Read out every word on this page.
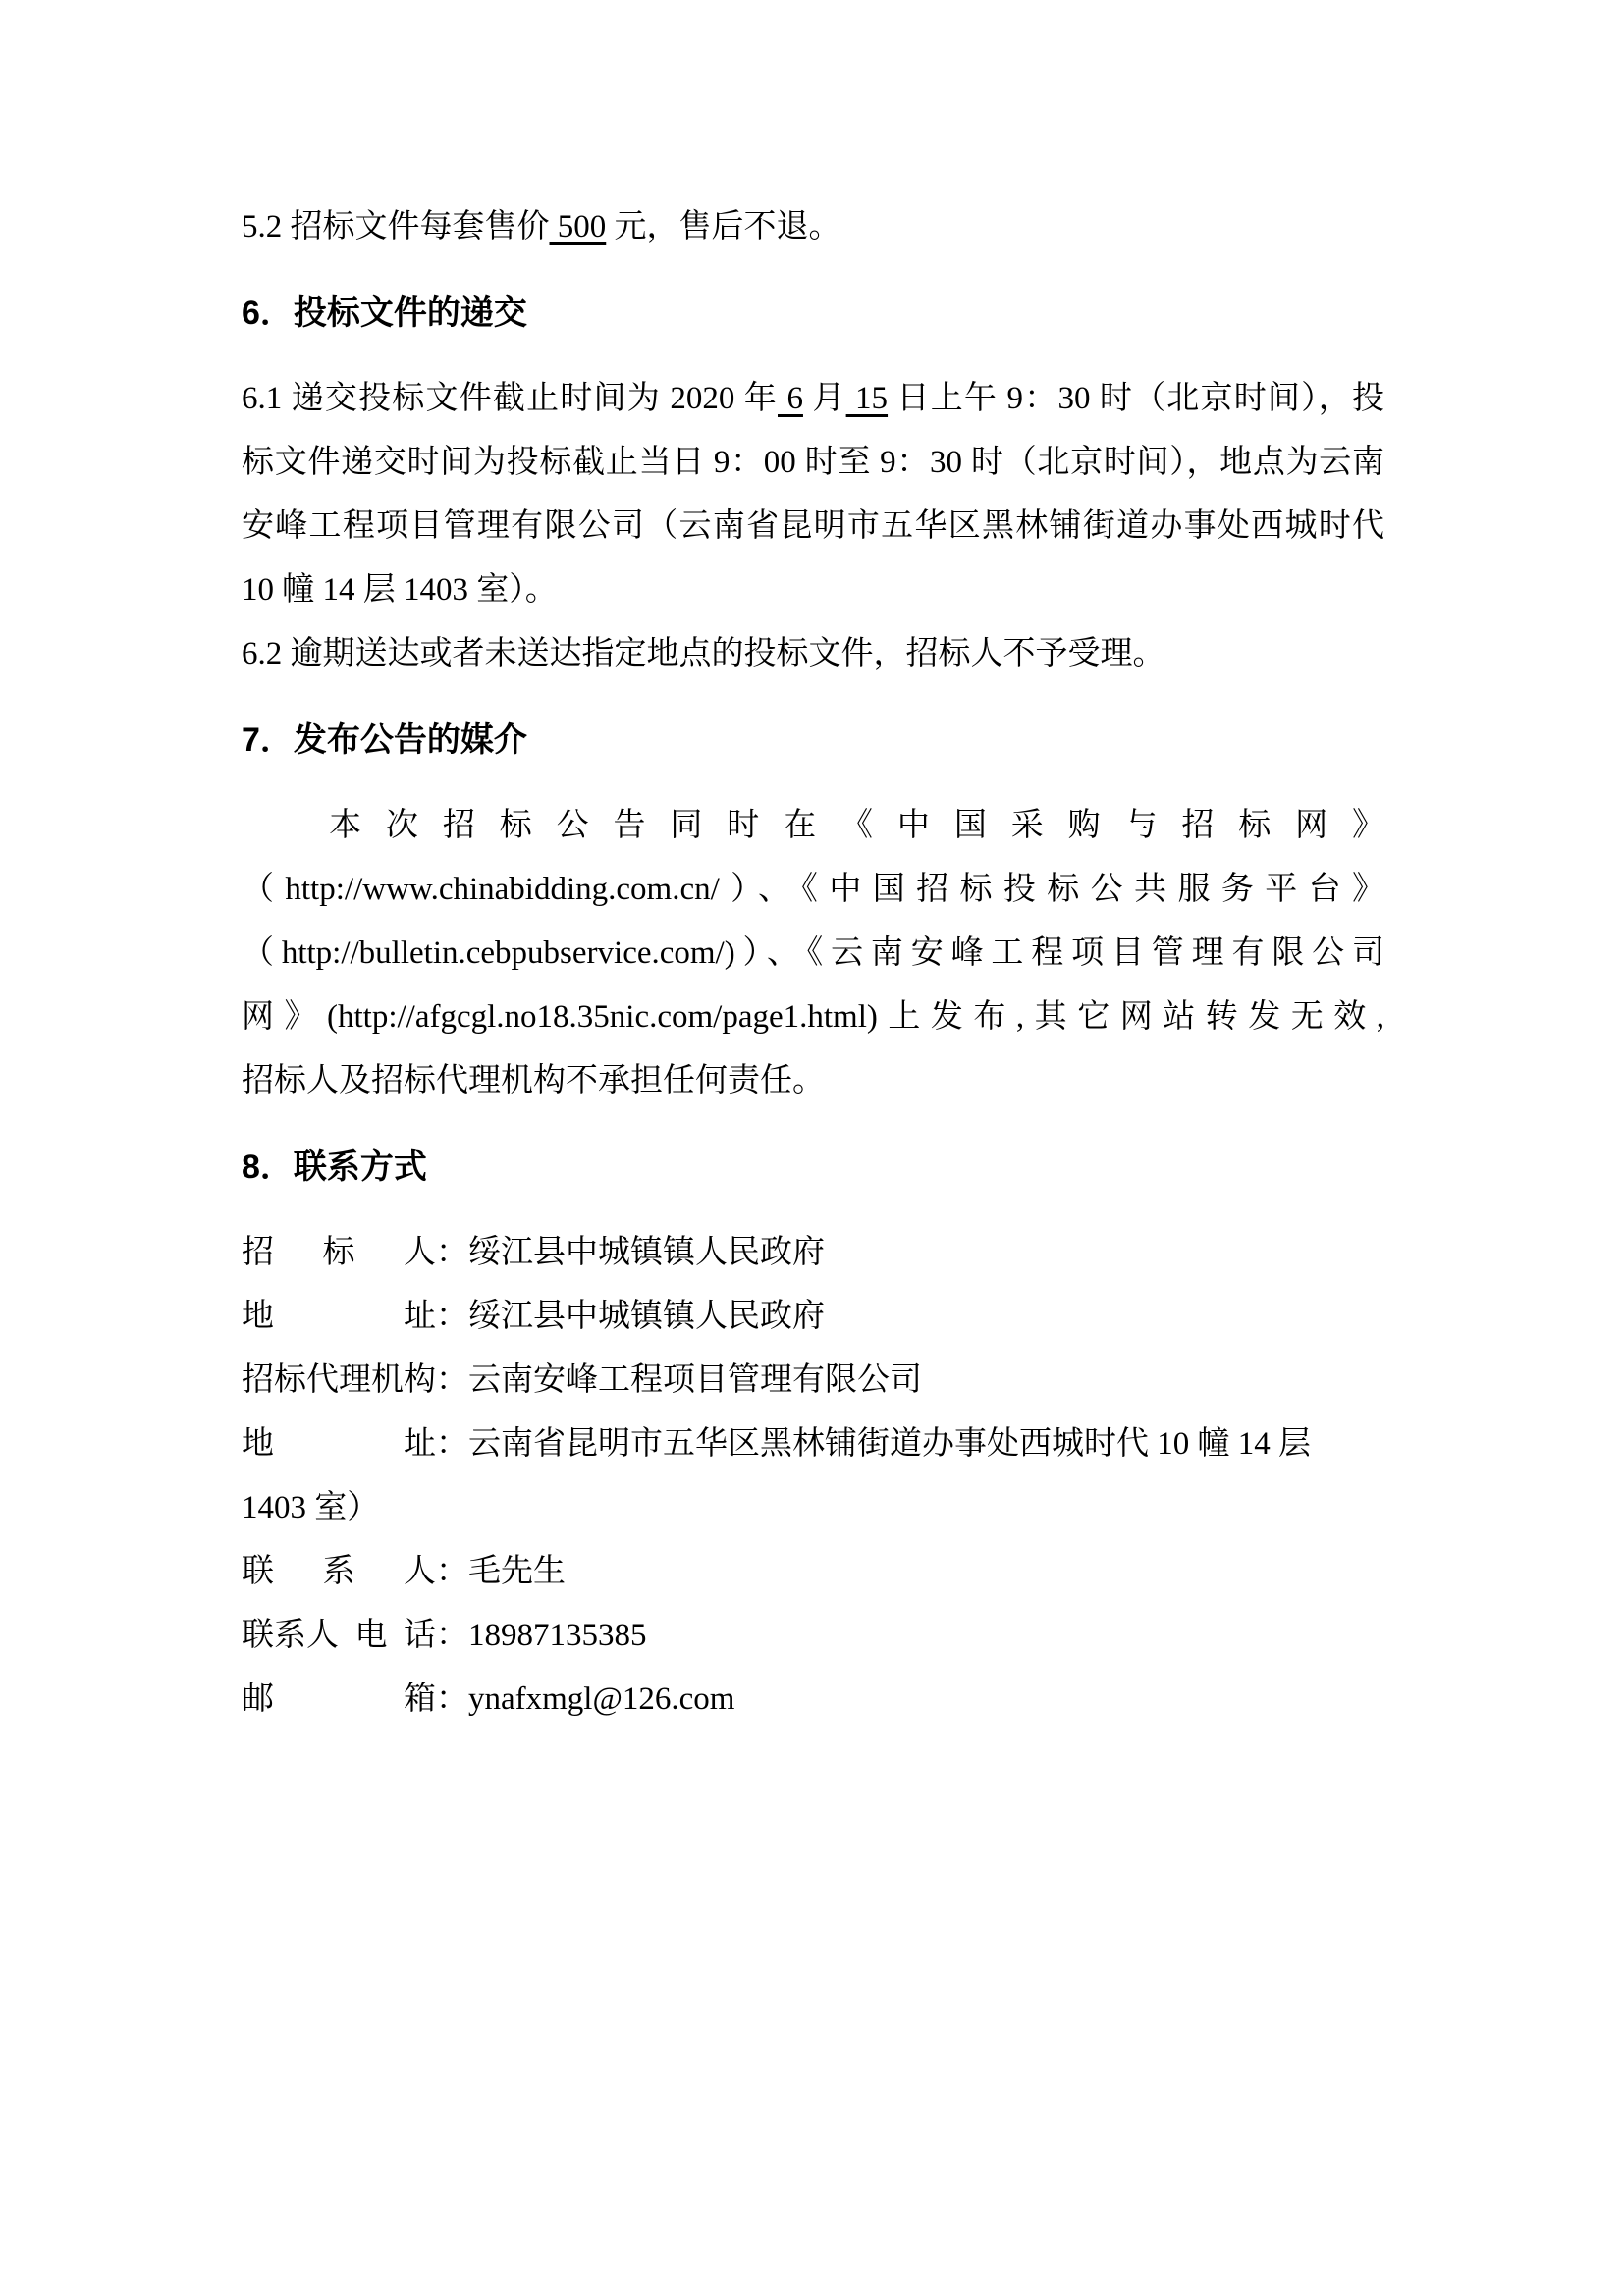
5.2 招标文件每套售价 500 元，售后不退。
6．投标文件的递交
6.1 递交投标文件截止时间为 2020 年 6 月 15 日上午 9：30 时（北京时间），投
标文件递交时间为投标截止当日 9：00 时至 9：30 时（北京时间），地点为云南
安峰工程项目管理有限公司（云南省昆明市五华区黑林铺街道办事处西城时代
10 幢 14 层 1403 室）。
6.2 逾期送达或者未送达指定地点的投标文件，招标人不予受理。
7．发布公告的媒介
本次招标公告同时在《中国采购与招标网》
（http://www.chinabidding.com.cn/）、《中国招标投标公共服务平台》
（http://bulletin.cebpubservice.com/)）、《云南安峰工程项目管理有限公司
网》(http://afgcgl.no18.35nic.com/page1.html)上发布,其它网站转发无效,
招标人及招标代理机构不承担任何责任。
8．联系方式
招标人：绥江县中城镇镇人民政府
地址：绥江县中城镇镇人民政府
招标代理机构：云南安峰工程项目管理有限公司
地址：云南省昆明市五华区黑林铺街道办事处西城时代 10 幢 14 层
1403 室）
联系人：毛先生
联系人 电 话：18987135385
邮箱：ynafxmgl@126.com
